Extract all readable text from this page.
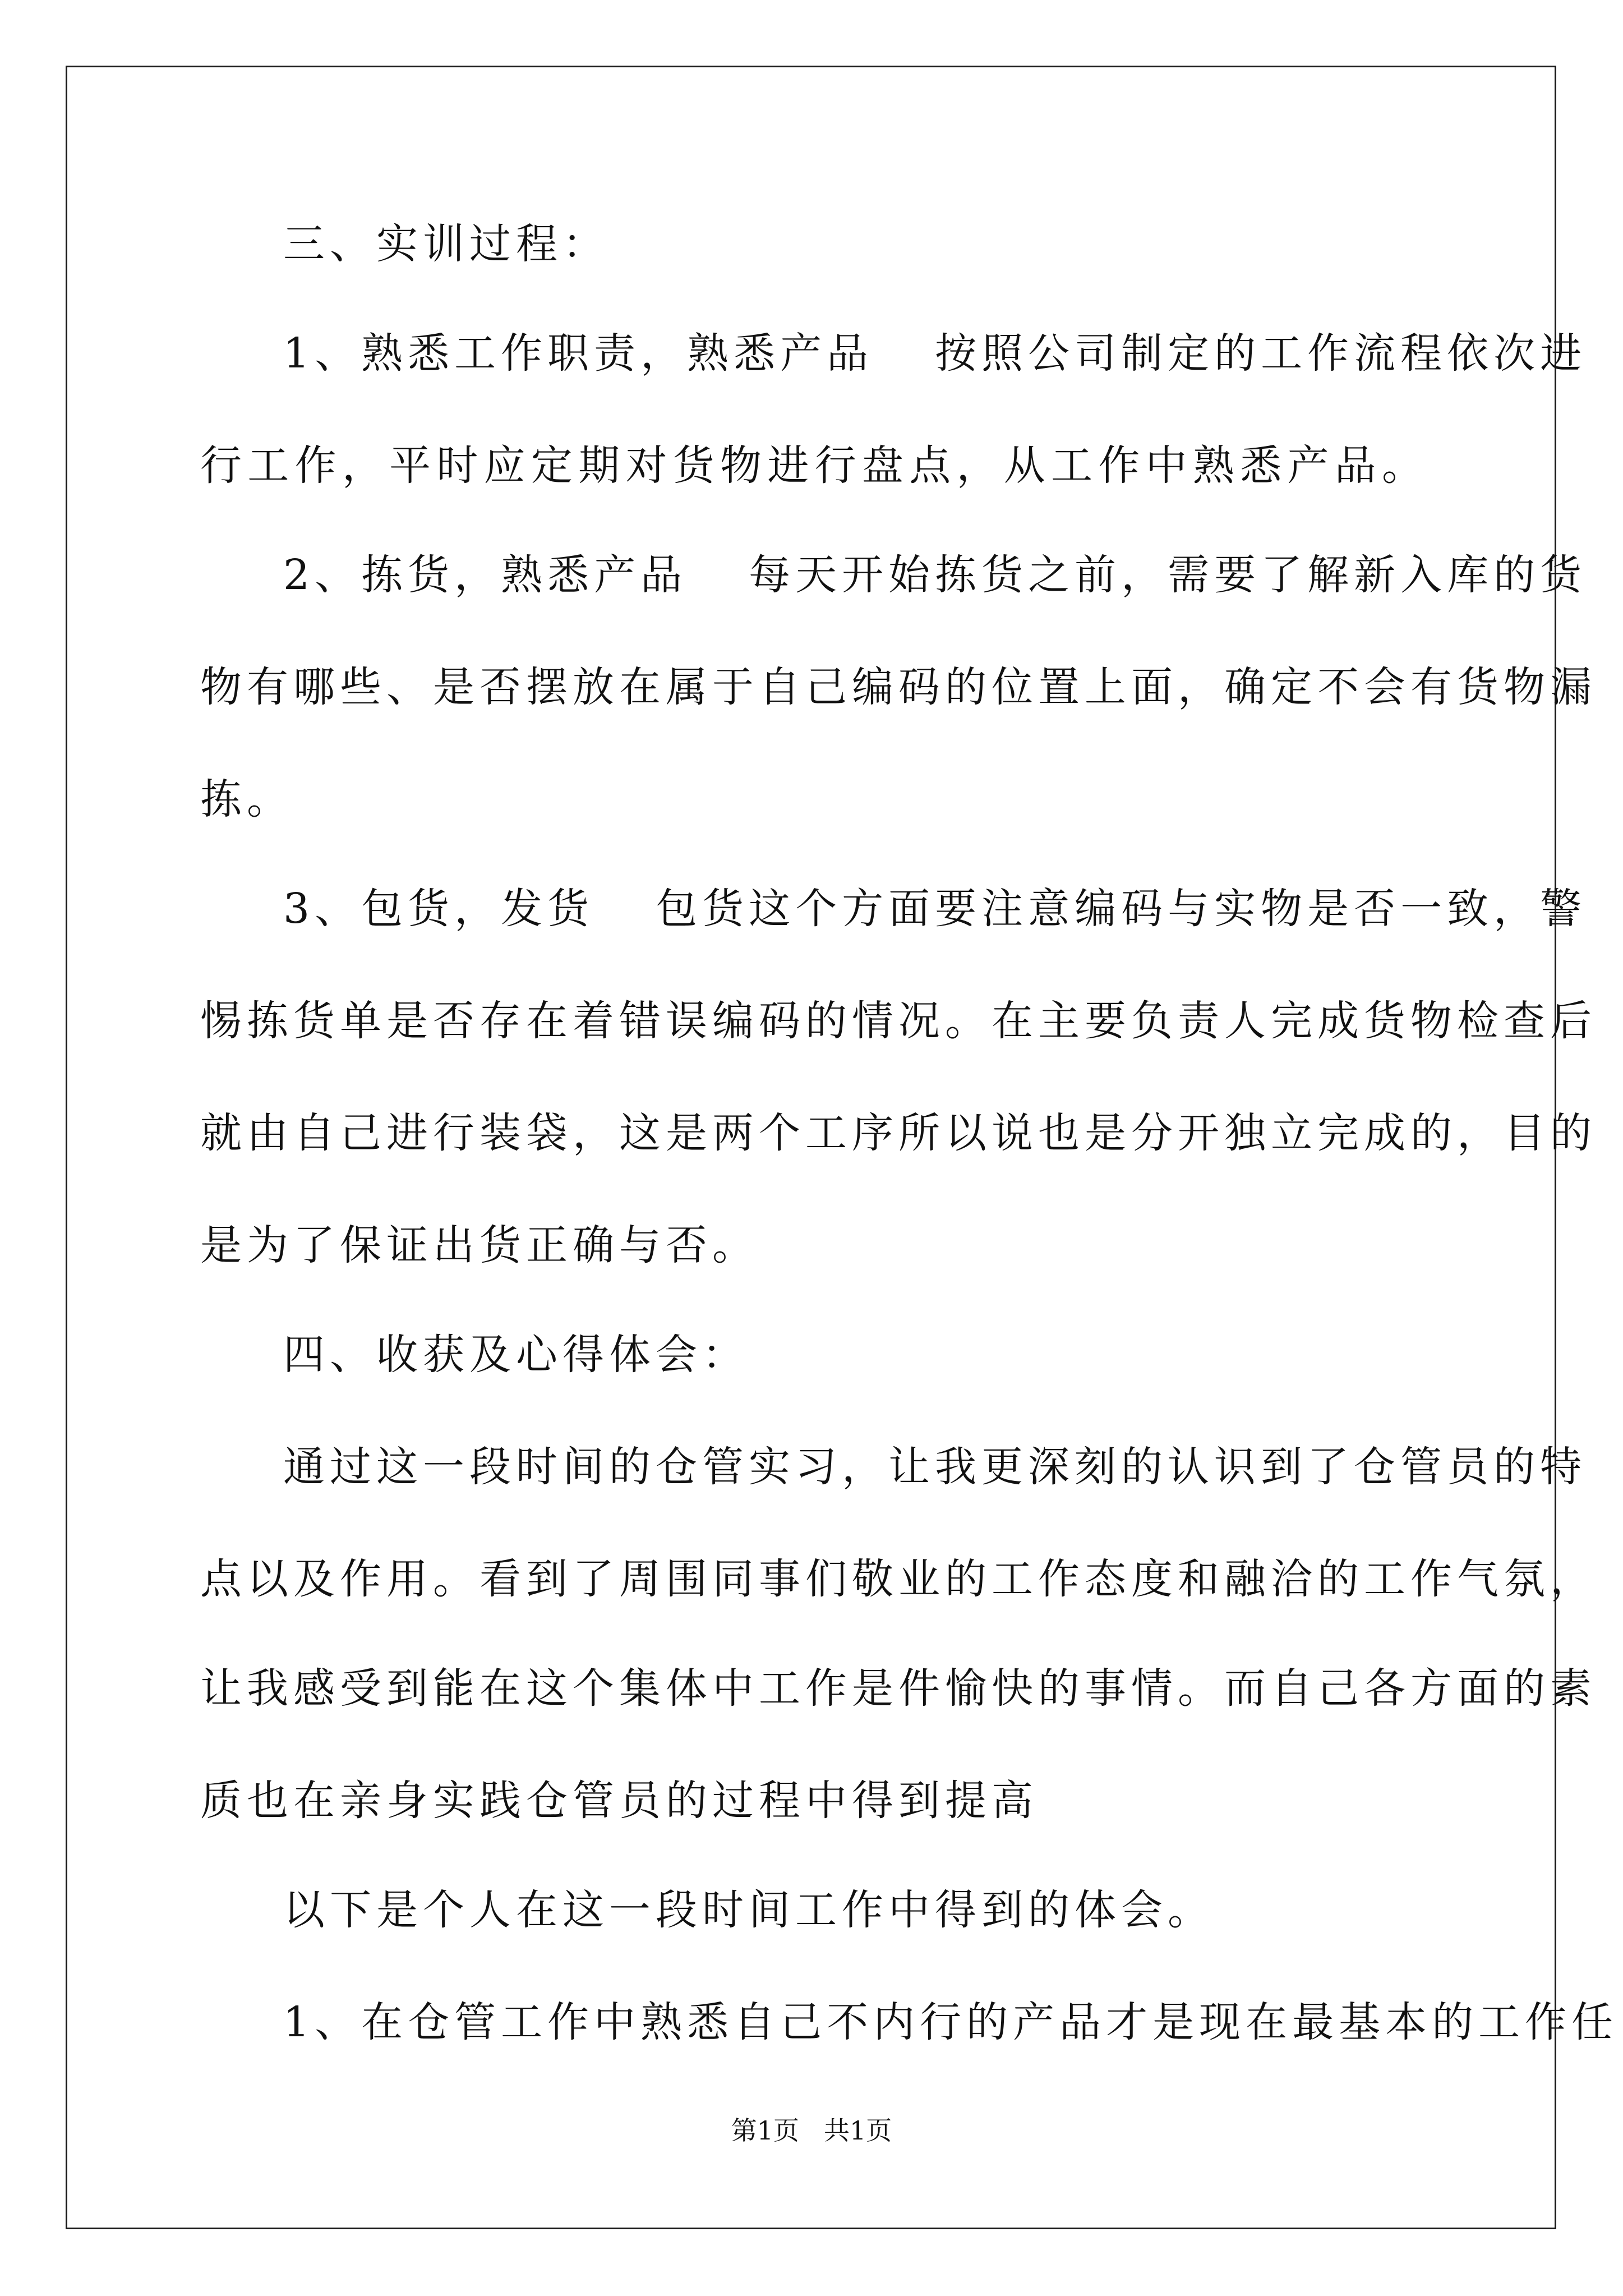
三、实训过程：
1、熟悉工作职责，熟悉产品 按照公司制定的工作流程依次进
行工作，平时应定期对货物进行盘点，从工作中熟悉产品。
2、拣货，熟悉产品 每天开始拣货之前，需要了解新入库的货
物有哪些、是否摆放在属于自己编码的位置上面，确定不会有货物漏
拣。
3、包货，发货 包货这个方面要注意编码与实物是否一致，警
惕拣货单是否存在着错误编码的情况。在主要负责人完成货物检查后
就由自己进行装袋，这是两个工序所以说也是分开独立完成的，目的
是为了保证出货正确与否。
四、收获及心得体会：
通过这一段时间的仓管实习，让我更深刻的认识到了仓管员的特
点以及作用。看到了周围同事们敬业的工作态度和融洽的工作气氛，
让我感受到能在这个集体中工作是件愉快的事情。而自己各方面的素
质也在亲身实践仓管员的过程中得到提高
以下是个人在这一段时间工作中得到的体会。
1、在仓管工作中熟悉自己不内行的产品才是现在最基本的工作任
第1页 共1页
